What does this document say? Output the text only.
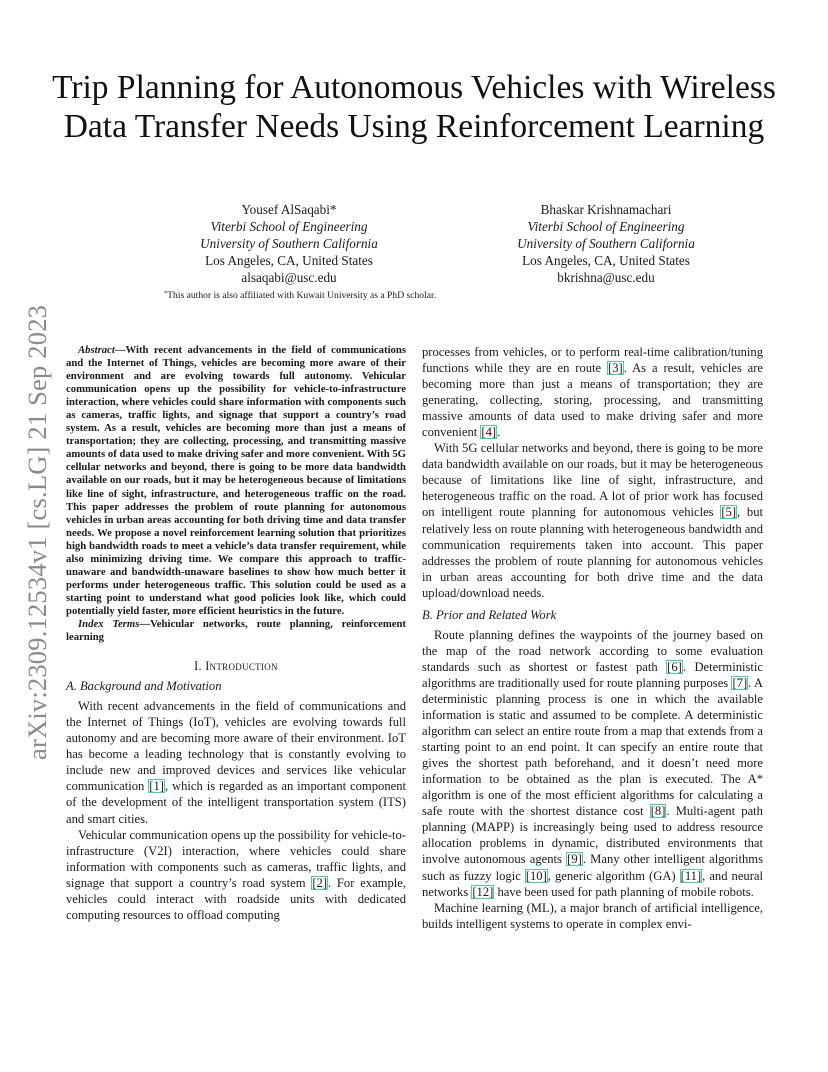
arXiv:2309.12534v1 [cs.LG] 21 Sep 2023
Trip Planning for Autonomous Vehicles with Wireless Data Transfer Needs Using Reinforcement Learning
Yousef AlSaqabi*
Viterbi School of Engineering
University of Southern California
Los Angeles, CA, United States
alsaqabi@usc.edu
Bhaskar Krishnamachari
Viterbi School of Engineering
University of Southern California
Los Angeles, CA, United States
bkrishna@usc.edu
*This author is also affiliated with Kuwait University as a PhD scholar.

Abstract—With recent advancements in the field of communications and the Internet of Things, vehicles are becoming more aware of their environment and are evolving towards full autonomy. Vehicular communication opens up the possibility for vehicle-to-infrastructure interaction, where vehicles could share information with components such as cameras, traffic lights, and signage that support a country’s road system. As a result, vehicles are becoming more than just a means of transportation; they are collecting, processing, and transmitting massive amounts of data used to make driving safer and more convenient. With 5G cellular networks and beyond, there is going to be more data bandwidth available on our roads, but it may be heterogeneous because of limitations like line of sight, infrastructure, and heterogeneous traffic on the road. This paper addresses the problem of route planning for autonomous vehicles in urban areas accounting for both driving time and data transfer needs. We propose a novel reinforcement learning solution that prioritizes high bandwidth roads to meet a vehicle’s data transfer requirement, while also minimizing driving time. We compare this approach to traffic-unaware and bandwidth-unaware baselines to show how much better it performs under heterogeneous traffic. This solution could be used as a starting point to understand what good policies look like, which could potentially yield faster, more efficient heuristics in the future.

Index Terms—Vehicular networks, route planning, reinforcement learning

I. Introduction
A. Background and Motivation

With recent advancements in the field of communications and the Internet of Things (IoT), vehicles are evolving towards full autonomy and are becoming more aware of their environment. IoT has become a leading technology that is constantly evolving to include new and improved devices and services like vehicular communication [1], which is regarded as an important component of the development of the intelligent transportation system (ITS) and smart cities.

Vehicular communication opens up the possibility for vehicle-to-infrastructure (V2I) interaction, where vehicles could share information with components such as cameras, traffic lights, and signage that support a country’s road system [2]. For example, vehicles could interact with roadside units with dedicated computing resources to offload computing

processes from vehicles, or to perform real-time calibration/tuning functions while they are en route [3]. As a result, vehicles are becoming more than just a means of transportation; they are generating, collecting, storing, processing, and transmitting massive amounts of data used to make driving safer and more convenient [4].

With 5G cellular networks and beyond, there is going to be more data bandwidth available on our roads, but it may be heterogeneous because of limitations like line of sight, infrastructure, and heterogeneous traffic on the road. A lot of prior work has focused on intelligent route planning for autonomous vehicles [5], but relatively less on route planning with heterogeneous bandwidth and communication requirements taken into account. This paper addresses the problem of route planning for autonomous vehicles in urban areas accounting for both drive time and the data upload/download needs.

B. Prior and Related Work

Route planning defines the waypoints of the journey based on the map of the road network according to some evaluation standards such as shortest or fastest path [6]. Deterministic algorithms are traditionally used for route planning purposes [7]. A deterministic planning process is one in which the available information is static and assumed to be complete. A deterministic algorithm can select an entire route from a map that extends from a starting point to an end point. It can specify an entire route that gives the shortest path beforehand, and it doesn’t need more information to be obtained as the plan is executed. The A* algorithm is one of the most efficient algorithms for calculating a safe route with the shortest distance cost [8]. Multi-agent path planning (MAPP) is increasingly being used to address resource allocation problems in dynamic, distributed environments that involve autonomous agents [9]. Many other intelligent algorithms such as fuzzy logic [10], generic algorithm (GA) [11], and neural networks [12] have been used for path planning of mobile robots.

Machine learning (ML), a major branch of artificial intelligence, builds intelligent systems to operate in complex envi-
